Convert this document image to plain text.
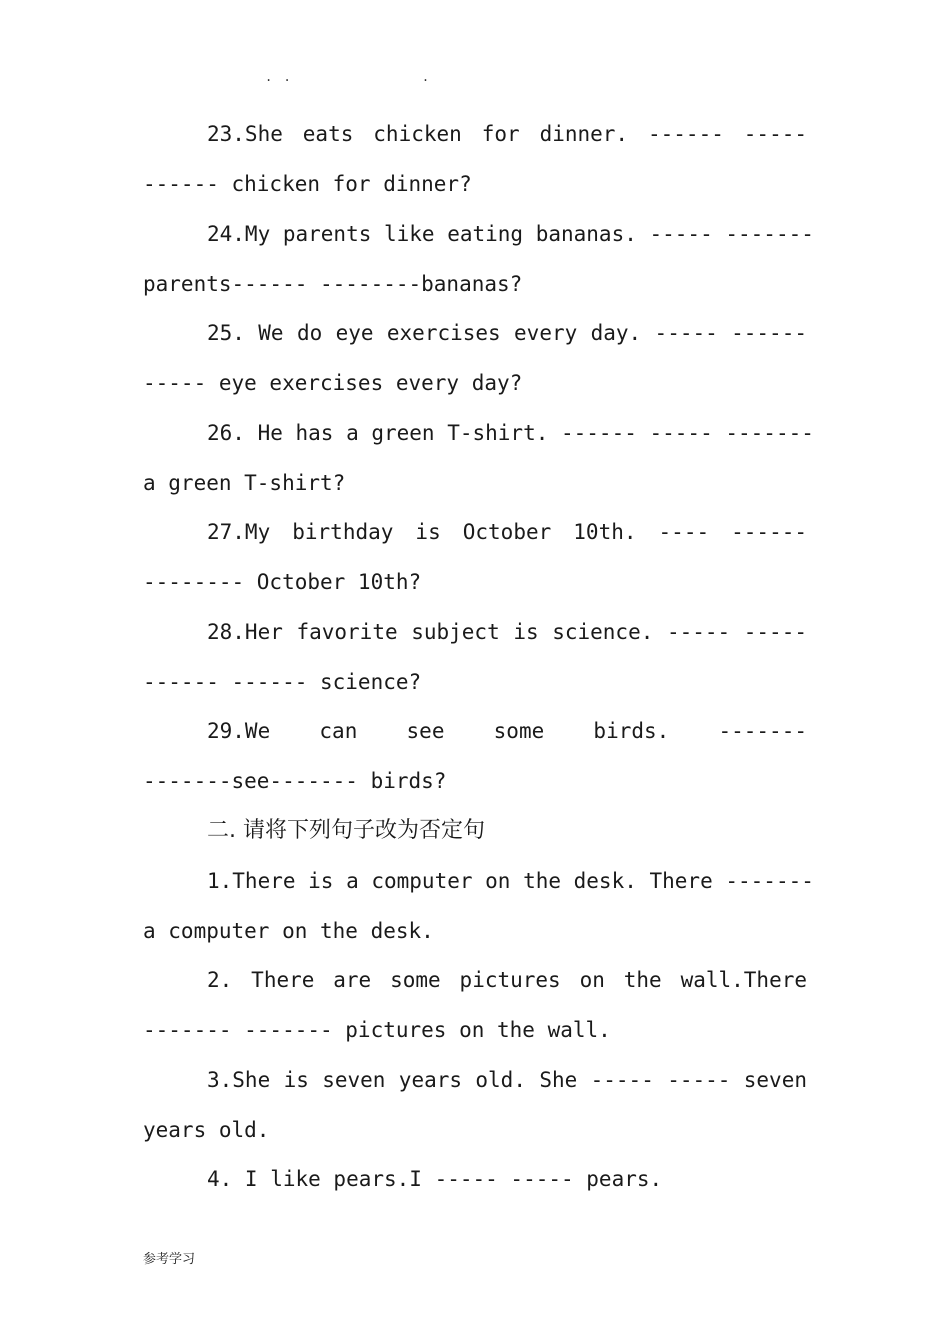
. .              .
23.She eats chicken for dinner. ------ -----
------ chicken for dinner?
24.My parents like eating bananas. ----- -------
parents------ --------bananas?
25. We do eye exercises every day. ----- ------
----- eye exercises every day?
26. He has a green T-shirt. ------ ----- -------
a green T-shirt?
27.My birthday is October 10th. ---- ------
-------- October 10th?
28.Her favorite subject is science. ----- -----
------ ------ science?
29.We can see some birds. -------
-------see------- birds?
二. 请将下列句子改为否定句
1.There is a computer on the desk. There -------
a computer on the desk.
2. There are some pictures on the wall.There
------- ------- pictures on the wall.
3.She is seven years old. She ----- ----- seven
years old.
4. I like pears.I ----- ----- pears.
参考学习
